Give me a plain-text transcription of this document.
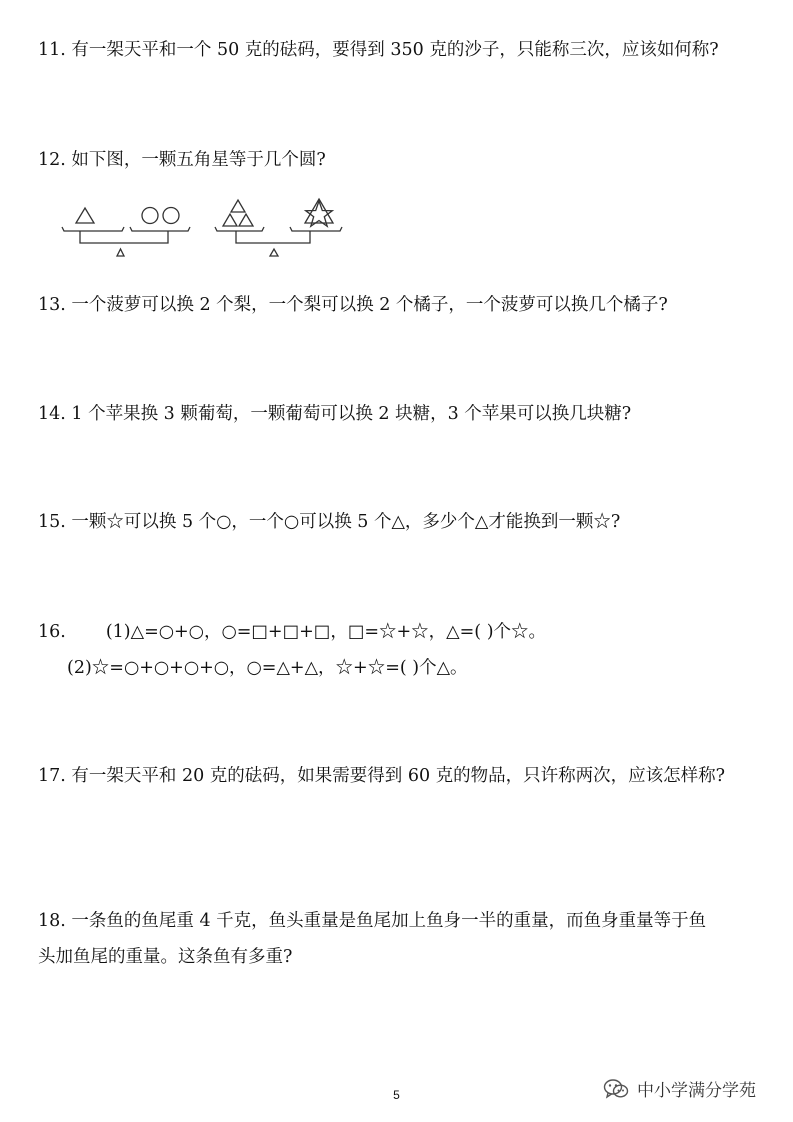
11. 有一架天平和一个 50 克的砝码，要得到 350 克的沙子，只能称三次，应该如何称?

12. 如下图，一颗五角星等于几个圆?

13. 一个菠萝可以换 2 个梨，一个梨可以换 2 个橘子，一个菠萝可以换几个橘子?

14. 1 个苹果换 3 颗葡萄，一颗葡萄可以换 2 块糖，3 个苹果可以换几块糖?

15. 一颗☆可以换 5 个○，一个○可以换 5 个△，多少个△才能换到一颗☆?

16. (1)△=○+○，○=□+□+□，□=☆+☆，△=( )个☆。

(2)☆=○+○+○+○，○=△+△，☆+☆=( )个△。

17. 有一架天平和 20 克的砝码，如果需要得到 60 克的物品，只许称两次，应该怎样称?

18. 一条鱼的鱼尾重 4 千克，鱼头重量是鱼尾加上鱼身一半的重量，而鱼身重量等于鱼

头加鱼尾的重量。这条鱼有多重?

5	中小学满分学苑
